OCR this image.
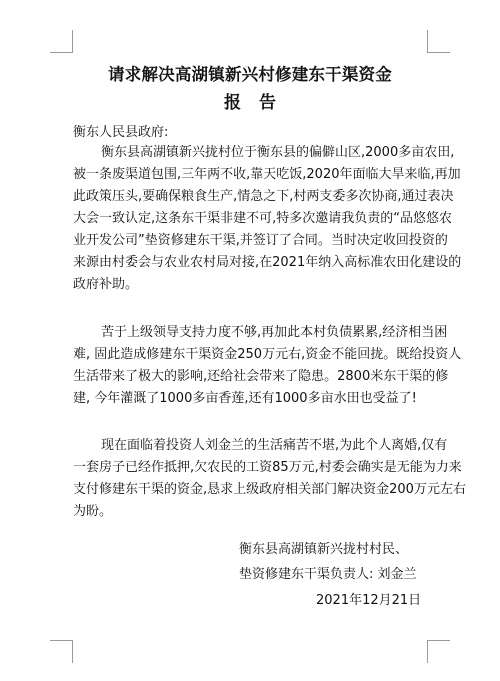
请求解决高湖镇新兴村修建东干渠资金
报告
衡东人民县政府:
衡东县高湖镇新兴拢村位于衡东县的偏僻山区,2000多亩农田,
被一条废渠道包围,三年两不收,靠天吃饭,2020年面临大旱来临,再加
此政策压头,要确保粮食生产,情急之下,村两支委多次协商,通过表决
大会一致认定,这条东干渠非建不可,特多次邀请我负责的“品悠悠农
业开发公司”垫资修建东干渠,并签订了合同。当时决定收回投资的
来源由村委会与农业农村局对接,在2021年纳入高标准农田化建设的
政府补助。
苦于上级领导支持力度不够,再加此本村负债累累,经济相当困
难, 固此造成修建东干渠资金250万元右,资金不能回拢。既给投资人
生活带来了极大的影响,还给社会带来了隐患。2800米东干渠的修
建, 今年灌溉了1000多亩香莲,还有1000多亩水田也受益了!
现在面临着投资人刘金兰的生活痛苦不堪,为此个人离婚,仅有
一套房子已经作抵押,欠农民的工资85万元,村委会确实是无能为力来
支付修建东干渠的资金,恳求上级政府相关部门解决资金200万元左右
为盼。
衡东县高湖镇新兴拢村村民、
垫资修建东干渠负责人: 刘金兰
2021年12月21日
